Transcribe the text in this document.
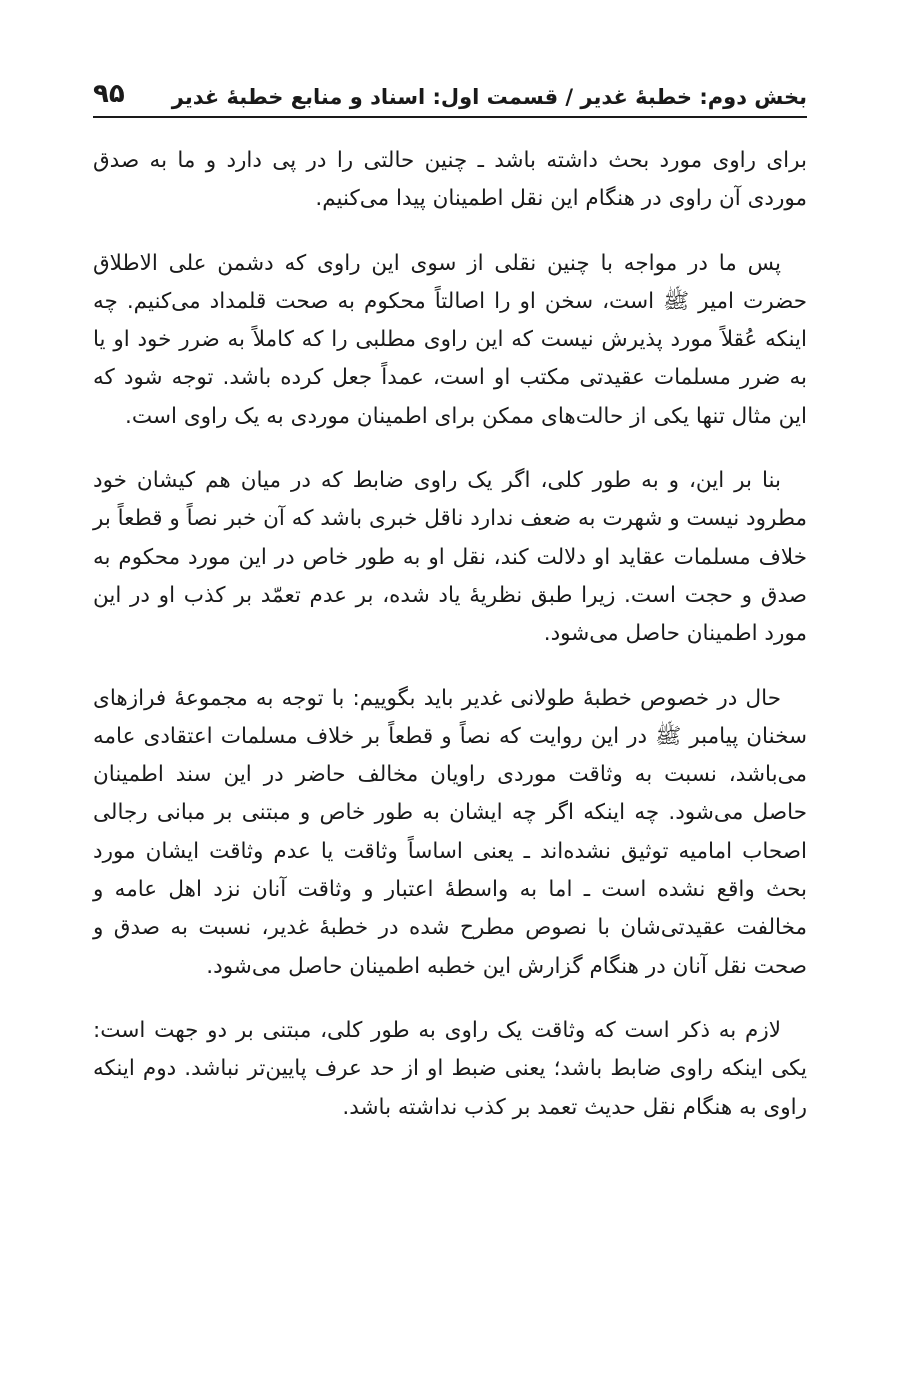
بخش دوم: خطبهٔ غدیر / قسمت اول: اسناد و منابع خطبهٔ غدیر
۹۵

برای راوی مورد بحث داشته باشد ـ چنین حالتی را در پی دارد و ما به صدق موردی آن راوی در هنگام این نقل اطمینان پیدا می‌کنیم.

پس ما در مواجه با چنین نقلی از سوی این راوی که دشمن علی الاطلاق حضرت امیر ﷺ است، سخن او را اصالتاً محکوم به صحت قلمداد می‌کنیم. چه اینکه عُقلاً مورد پذیرش نیست که این راوی مطلبی را که کاملاً به ضرر خود او یا به ضرر مسلمات عقیدتی مکتب او است، عمداً جعل کرده باشد. توجه شود که این مثال تنها یکی از حالت‌های ممکن برای اطمینان موردی به یک راوی است.

بنا بر این، و به طور کلی، اگر یک راوی ضابط که در میان هم کیشان خود مطرود نیست و شهرت به ضعف ندارد ناقل خبری باشد که آن خبر نصاً و قطعاً بر خلاف مسلمات عقاید او دلالت کند، نقل او به طور خاص در این مورد محکوم به صدق و حجت است. زیرا طبق نظریهٔ یاد شده، بر عدم تعمّد بر کذب او در این مورد اطمینان حاصل می‌شود.

حال در خصوص خطبهٔ طولانی غدیر باید بگوییم: با توجه به مجموعهٔ فرازهای سخنان پیامبر ﷺ در این روایت که نصاً و قطعاً بر خلاف مسلمات اعتقادی عامه می‌باشد، نسبت به وثاقت موردی راویان مخالف حاضر در این سند اطمینان حاصل می‌شود. چه اینکه اگر چه ایشان به طور خاص و مبتنی بر مبانی رجالی اصحاب امامیه توثیق نشده‌اند ـ یعنی اساساً وثاقت یا عدم وثاقت ایشان مورد بحث واقع نشده است ـ اما به واسطهٔ اعتبار و وثاقت آنان نزد اهل عامه و مخالفت عقیدتی‌شان با نصوص مطرح شده در خطبهٔ غدیر، نسبت به صدق و صحت نقل آنان در هنگام گزارش این خطبه اطمینان حاصل می‌شود.

لازم به ذکر است که وثاقت یک راوی به طور کلی، مبتنی بر دو جهت است: یکی اینکه راوی ضابط باشد؛ یعنی ضبط او از حد عرف پایین‌تر نباشد. دوم اینکه راوی به هنگام نقل حدیث تعمد بر کذب نداشته باشد.
